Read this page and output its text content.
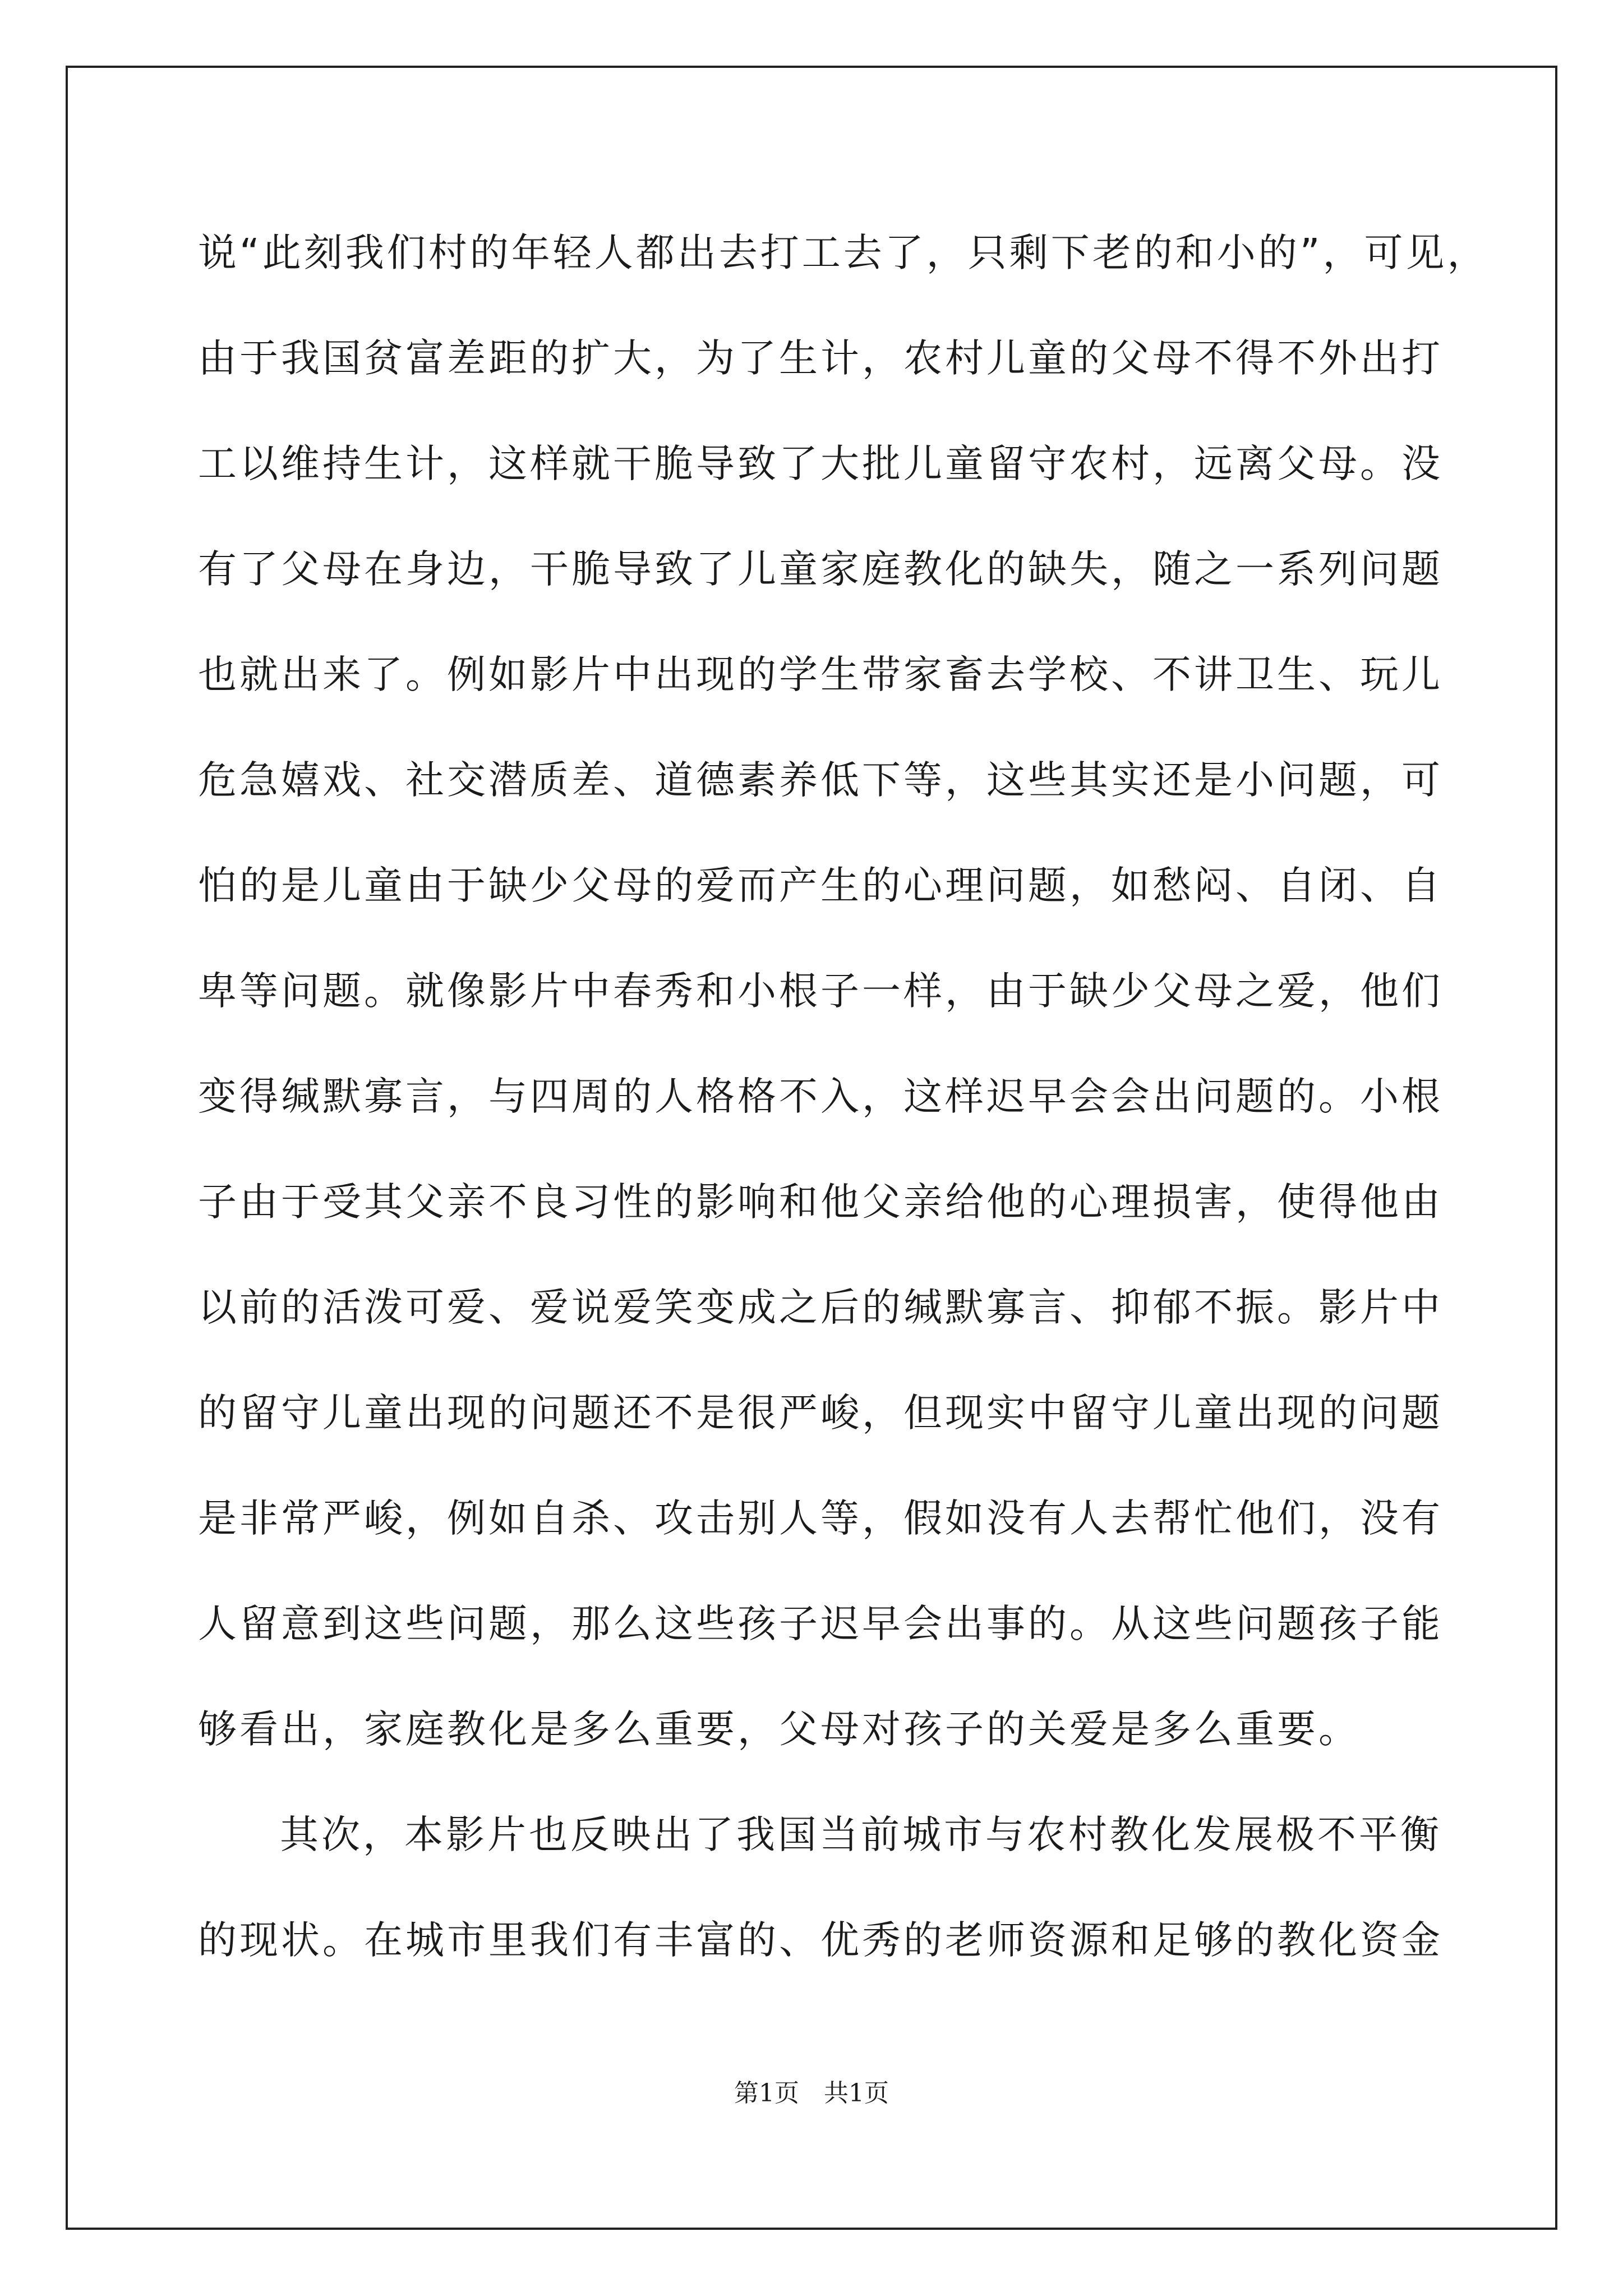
说“此刻我们村的年轻人都出去打工去了，只剩下老的和小的”，可见，
由于我国贫富差距的扩大，为了生计，农村儿童的父母不得不外出打
工以维持生计，这样就干脆导致了大批儿童留守农村，远离父母。没
有了父母在身边，干脆导致了儿童家庭教化的缺失，随之一系列问题
也就出来了。例如影片中出现的学生带家畜去学校、不讲卫生、玩儿
危急嬉戏、社交潜质差、道德素养低下等，这些其实还是小问题，可
怕的是儿童由于缺少父母的爱而产生的心理问题，如愁闷、自闭、自
卑等问题。就像影片中春秀和小根子一样，由于缺少父母之爱，他们
变得缄默寡言，与四周的人格格不入，这样迟早会会出问题的。小根
子由于受其父亲不良习性的影响和他父亲给他的心理损害，使得他由
以前的活泼可爱、爱说爱笑变成之后的缄默寡言、抑郁不振。影片中
的留守儿童出现的问题还不是很严峻，但现实中留守儿童出现的问题
是非常严峻，例如自杀、攻击别人等，假如没有人去帮忙他们，没有
人留意到这些问题，那么这些孩子迟早会出事的。从这些问题孩子能
够看出，家庭教化是多么重要，父母对孩子的关爱是多么重要。
其次，本影片也反映出了我国当前城市与农村教化发展极不平衡
的现状。在城市里我们有丰富的、优秀的老师资源和足够的教化资金
第1页 共1页
